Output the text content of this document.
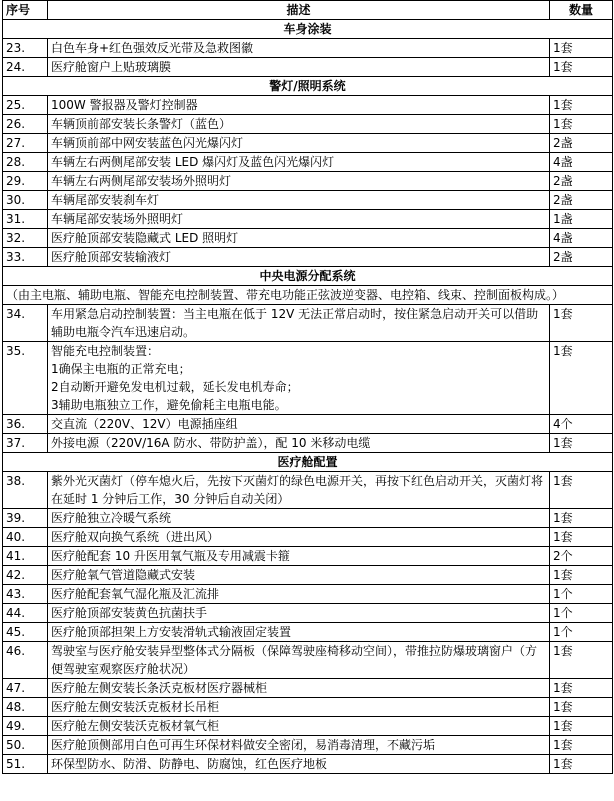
序号	描述	数量
车身涂装		
23.	白色车身+红色强效反光带及急救图徽	1套
24.	医疗舱窗户上贴玻璃膜	1套
警灯/照明系统		
25.	100W 警报器及警灯控制器	1套
26.	车辆顶前部安装长条警灯（蓝色）	1套
27.	车辆顶前部中网安装蓝色闪光爆闪灯	2盏
28.	车辆左右两侧尾部安装 LED 爆闪灯及蓝色闪光爆闪灯	4盏
29.	车辆左右两侧尾部安装场外照明灯	2盏
30.	车辆尾部安装刹车灯	2盏
31.	车辆尾部安装场外照明灯	1盏
32.	医疗舱顶部安装隐藏式 LED 照明灯	4盏
33.	医疗舱顶部安装输液灯	2盏
中央电源分配系统		
（由主电瓶、辅助电瓶、智能充电控制装置、带充电功能正弦波逆变器、电控箱、线束、控制面板构成。）		
34.	车用紧急启动控制装置：当主电瓶在低于 12V 无法正常启动时，按住紧急启动开关可以借助辅助电瓶令汽车迅速启动。	1套
35.	智能充电控制装置：
1确保主电瓶的正常充电；
2自动断开避免发电机过载，延长发电机寿命；
3辅助电瓶独立工作，避免偷耗主电瓶电能。	1套
36.	交直流（220V、12V）电源插座组	4个
37.	外接电源（220V/16A 防水、带防护盖），配 10 米移动电缆	1套
医疗舱配置		
38.	紫外光灭菌灯（停车熄火后，先按下灭菌灯的绿色电源开关，再按下红色启动开关，灭菌灯将在延时 1 分钟后工作，30 分钟后自动关闭）	1套
39.	医疗舱独立冷暖气系统	1套
40.	医疗舱双向换气系统（进出风）	1套
41.	医疗舱配套 10 升医用氧气瓶及专用减震卡箍	2个
42.	医疗舱氧气管道隐藏式安装	1套
43.	医疗舱配套氧气湿化瓶及汇流排	1个
44.	医疗舱顶部安装黄色抗菌扶手	1个
45.	医疗舱顶部担架上方安装滑轨式输液固定装置	1个
46.	驾驶室与医疗舱安装异型整体式分隔板（保障驾驶座椅移动空间），带推拉防爆玻璃窗户（方便驾驶室观察医疗舱状况）	1套
47.	医疗舱左侧安装长条沃克板材医疗器械柜	1套
48.	医疗舱左侧安装沃克板材长吊柜	1套
49.	医疗舱左侧安装沃克板材氧气柜	1套
50.	医疗舱顶侧部用白色可再生环保材料做安全密闭，易消毒清理，不藏污垢	1套
51.	环保型防水、防滑、防静电、防腐蚀，红色医疗地板	1套
